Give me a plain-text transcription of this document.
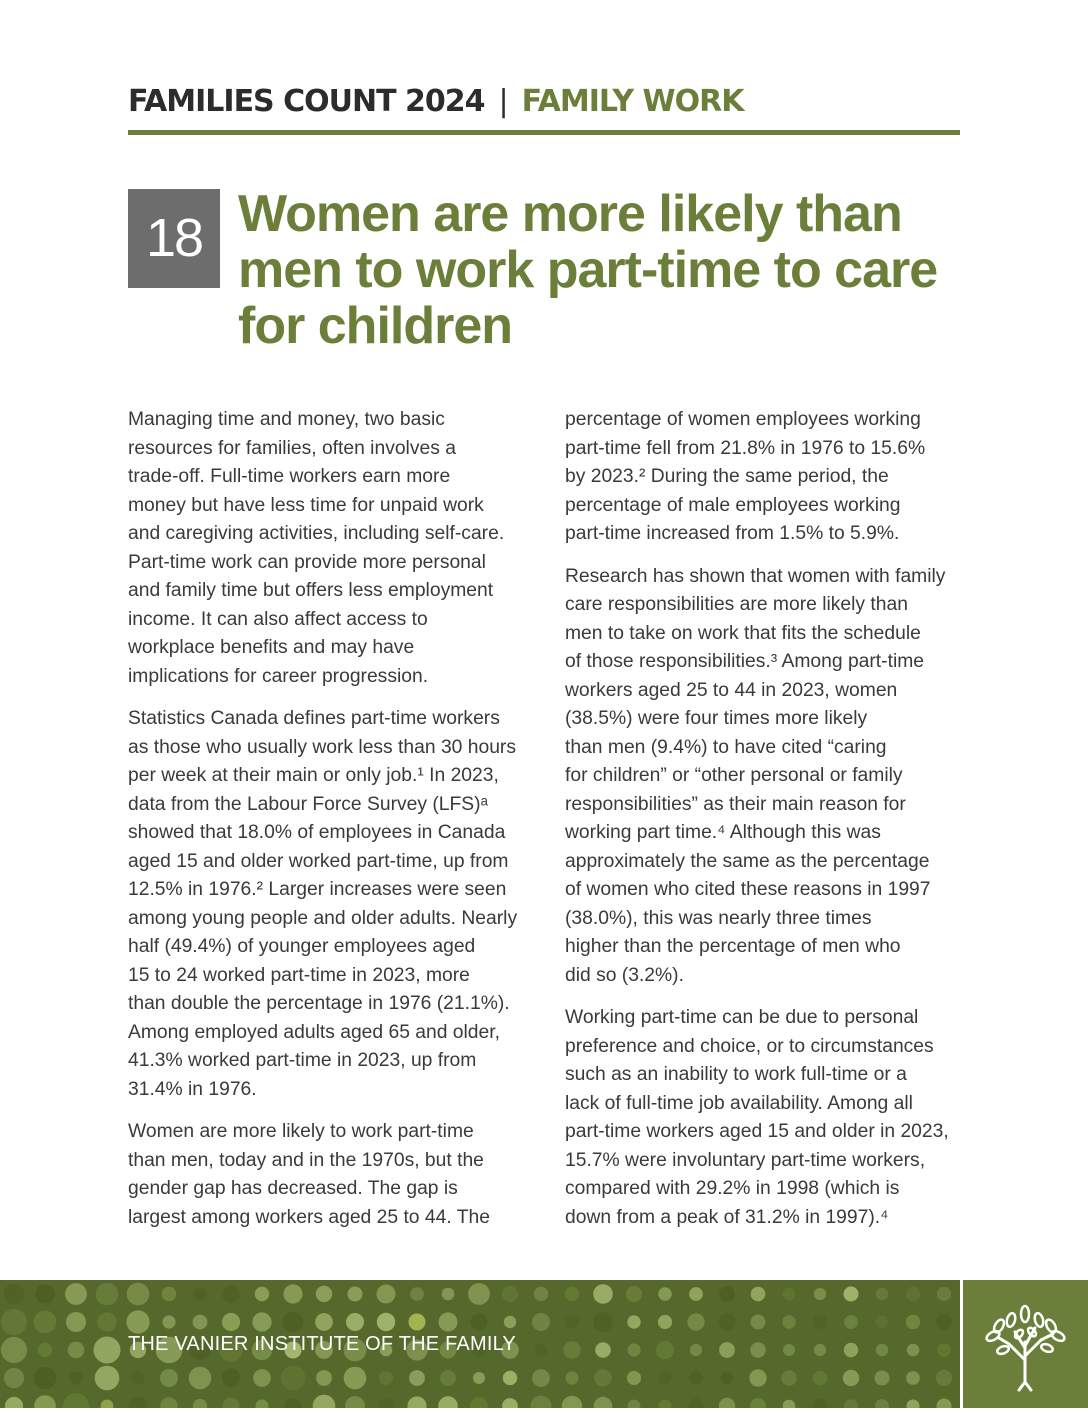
FAMILIES COUNT 2024 | FAMILY WORK
18 Women are more likely than
men to work part-time to care
for children
Managing time and money, two basic
resources for families, often involves a
trade-off. Full-time workers earn more
money but have less time for unpaid work
and caregiving activities, including self-care.
Part-time work can provide more personal
and family time but offers less employment
income. It can also affect access to
workplace benefits and may have
implications for career progression.
Statistics Canada defines part-time workers
as those who usually work less than 30 hours
per week at their main or only job.¹ In 2023,
data from the Labour Force Survey (LFS)ᵃ
showed that 18.0% of employees in Canada
aged 15 and older worked part-time, up from
12.5% in 1976.² Larger increases were seen
among young people and older adults. Nearly
half (49.4%) of younger employees aged
15 to 24 worked part-time in 2023, more
than double the percentage in 1976 (21.1%).
Among employed adults aged 65 and older,
41.3% worked part-time in 2023, up from
31.4% in 1976.
Women are more likely to work part-time
than men, today and in the 1970s, but the
gender gap has decreased. The gap is
largest among workers aged 25 to 44. The
percentage of women employees working
part-time fell from 21.8% in 1976 to 15.6%
by 2023.² During the same period, the
percentage of male employees working
part-time increased from 1.5% to 5.9%.
Research has shown that women with family
care responsibilities are more likely than
men to take on work that fits the schedule
of those responsibilities.³ Among part-time
workers aged 25 to 44 in 2023, women
(38.5%) were four times more likely
than men (9.4%) to have cited “caring
for children” or “other personal or family
responsibilities” as their main reason for
working part time.⁴ Although this was
approximately the same as the percentage
of women who cited these reasons in 1997
(38.0%), this was nearly three times
higher than the percentage of men who
did so (3.2%).
Working part-time can be due to personal
preference and choice, or to circumstances
such as an inability to work full-time or a
lack of full-time job availability. Among all
part-time workers aged 15 and older in 2023,
15.7% were involuntary part-time workers,
compared with 29.2% in 1998 (which is
down from a peak of 31.2% in 1997).⁴
THE VANIER INSTITUTE OF THE FAMILY
